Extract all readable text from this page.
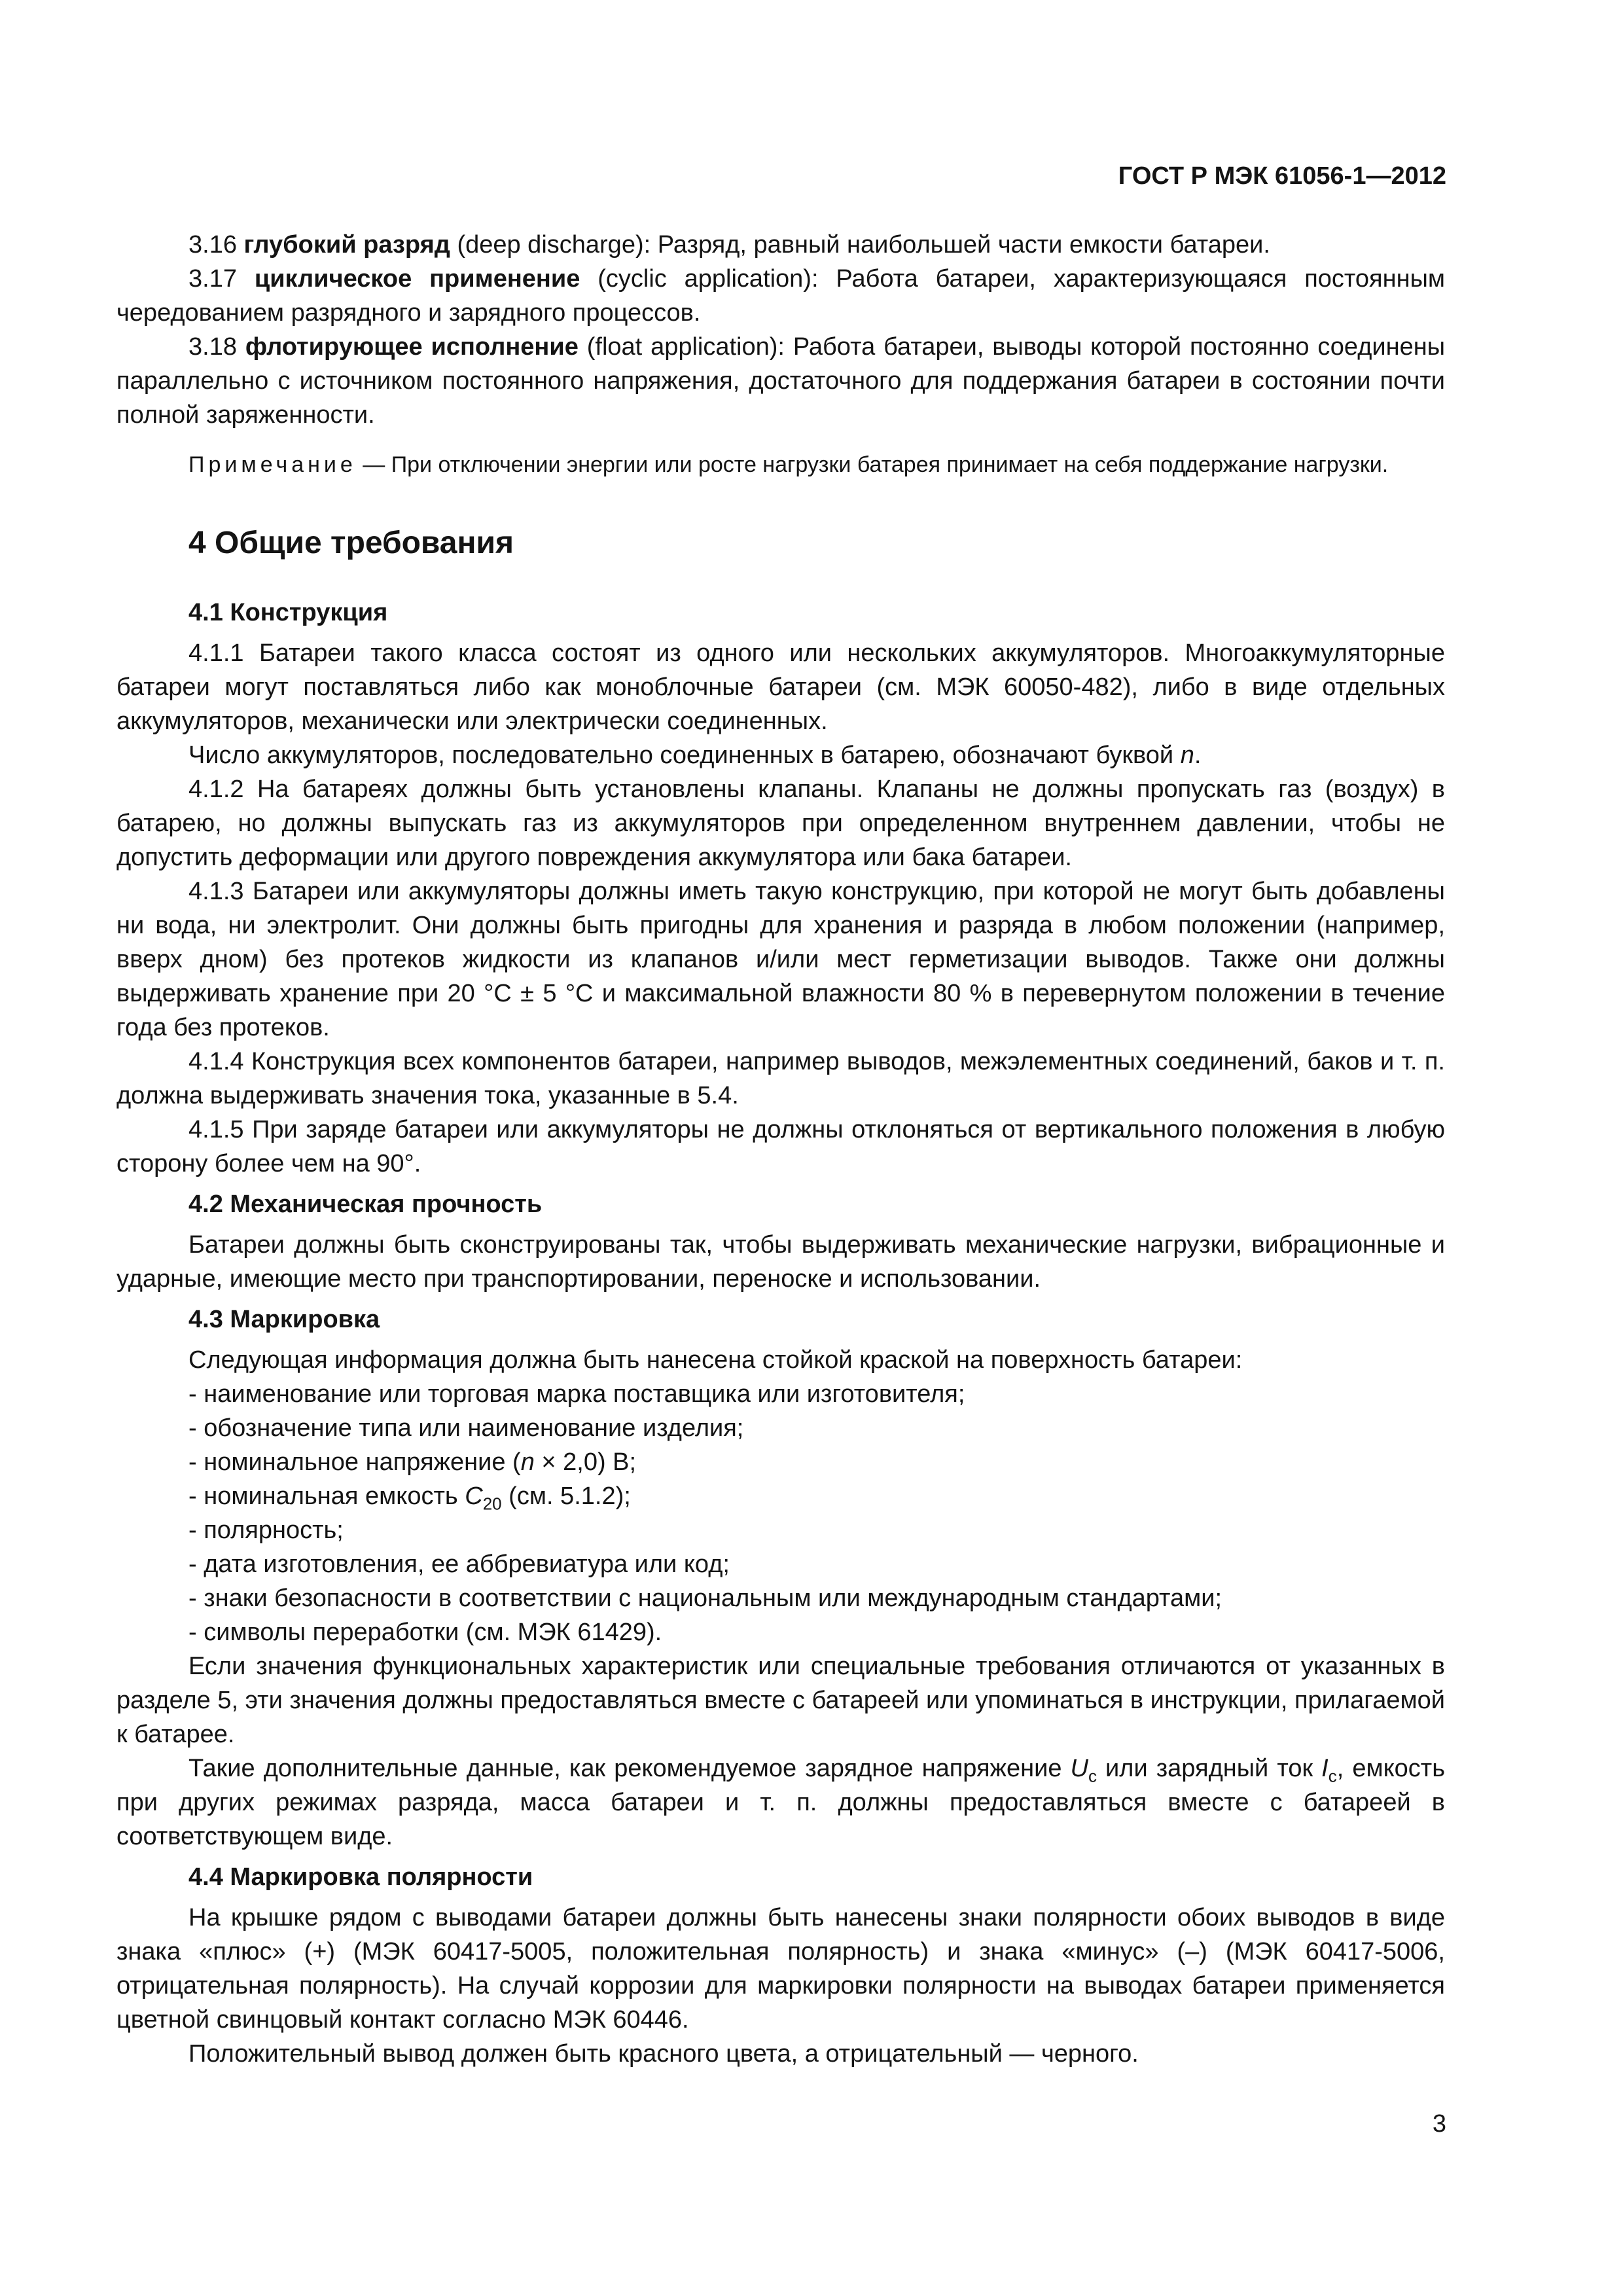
ГОСТ Р МЭК 61056-1—2012

3.16 глубокий разряд (deep discharge): Разряд, равный наибольшей части емкости батареи.

3.17 циклическое применение (cyclic application): Работа батареи, характеризующаяся постоянным чередованием разрядного и зарядного процессов.

3.18 флотирующее исполнение (float application): Работа батареи, выводы которой постоянно соединены параллельно с источником постоянного напряжения, достаточного для поддержания батареи в состоянии почти полной заряженности.

Примечание — При отключении энергии или росте нагрузки батарея принимает на себя поддержание нагрузки.

4 Общие требования
4.1 Конструкция

4.1.1 Батареи такого класса состоят из одного или нескольких аккумуляторов. Многоаккумуляторные батареи могут поставляться либо как моноблочные батареи (см. МЭК 60050-482), либо в виде отдельных аккумуляторов, механически или электрически соединенных.

Число аккумуляторов, последовательно соединенных в батарею, обозначают буквой n.

4.1.2 На батареях должны быть установлены клапаны. Клапаны не должны пропускать газ (воздух) в батарею, но должны выпускать газ из аккумуляторов при определенном внутреннем давлении, чтобы не допустить деформации или другого повреждения аккумулятора или бака батареи.

4.1.3 Батареи или аккумуляторы должны иметь такую конструкцию, при которой не могут быть добавлены ни вода, ни электролит. Они должны быть пригодны для хранения и разряда в любом положении (например, вверх дном) без протеков жидкости из клапанов и/или мест герметизации выводов. Также они должны выдерживать хранение при 20 °С ± 5 °С и максимальной влажности 80 % в перевернутом положении в течение года без протеков.

4.1.4 Конструкция всех компонентов батареи, например выводов, межэлементных соединений, баков и т. п. должна выдерживать значения тока, указанные в 5.4.

4.1.5 При заряде батареи или аккумуляторы не должны отклоняться от вертикального положения в любую сторону более чем на 90°.

4.2 Механическая прочность

Батареи должны быть сконструированы так, чтобы выдерживать механические нагрузки, вибрационные и ударные, имеющие место при транспортировании, переноске и использовании.

4.3 Маркировка

Следующая информация должна быть нанесена стойкой краской на поверхность батареи:

- наименование или торговая марка поставщика или изготовителя;
- обозначение типа или наименование изделия;
- номинальное напряжение (n × 2,0) В;
- номинальная емкость $C_{20}$ (см. 5.1.2);
- полярность;
- дата изготовления, ее аббревиатура или код;
- знаки безопасности в соответствии с национальным или международным стандартами;
- символы переработки (см. МЭК 61429).

Если значения функциональных характеристик или специальные требования отличаются от указанных в разделе 5, эти значения должны предоставляться вместе с батареей или упоминаться в инструкции, прилагаемой к батарее.

Такие дополнительные данные, как рекомендуемое зарядное напряжение $U_c$ или зарядный ток $I_c$, емкость при других режимах разряда, масса батареи и т. п. должны предоставляться вместе с батареей в соответствующем виде.

4.4 Маркировка полярности

На крышке рядом с выводами батареи должны быть нанесены знаки полярности обоих выводов в виде знака «плюс» (+) (МЭК 60417-5005, положительная полярность) и знака «минус» (–) (МЭК 60417-5006, отрицательная полярность). На случай коррозии для маркировки полярности на выводах батареи применяется цветной свинцовый контакт согласно МЭК 60446.

Положительный вывод должен быть красного цвета, а отрицательный — черного.

3
